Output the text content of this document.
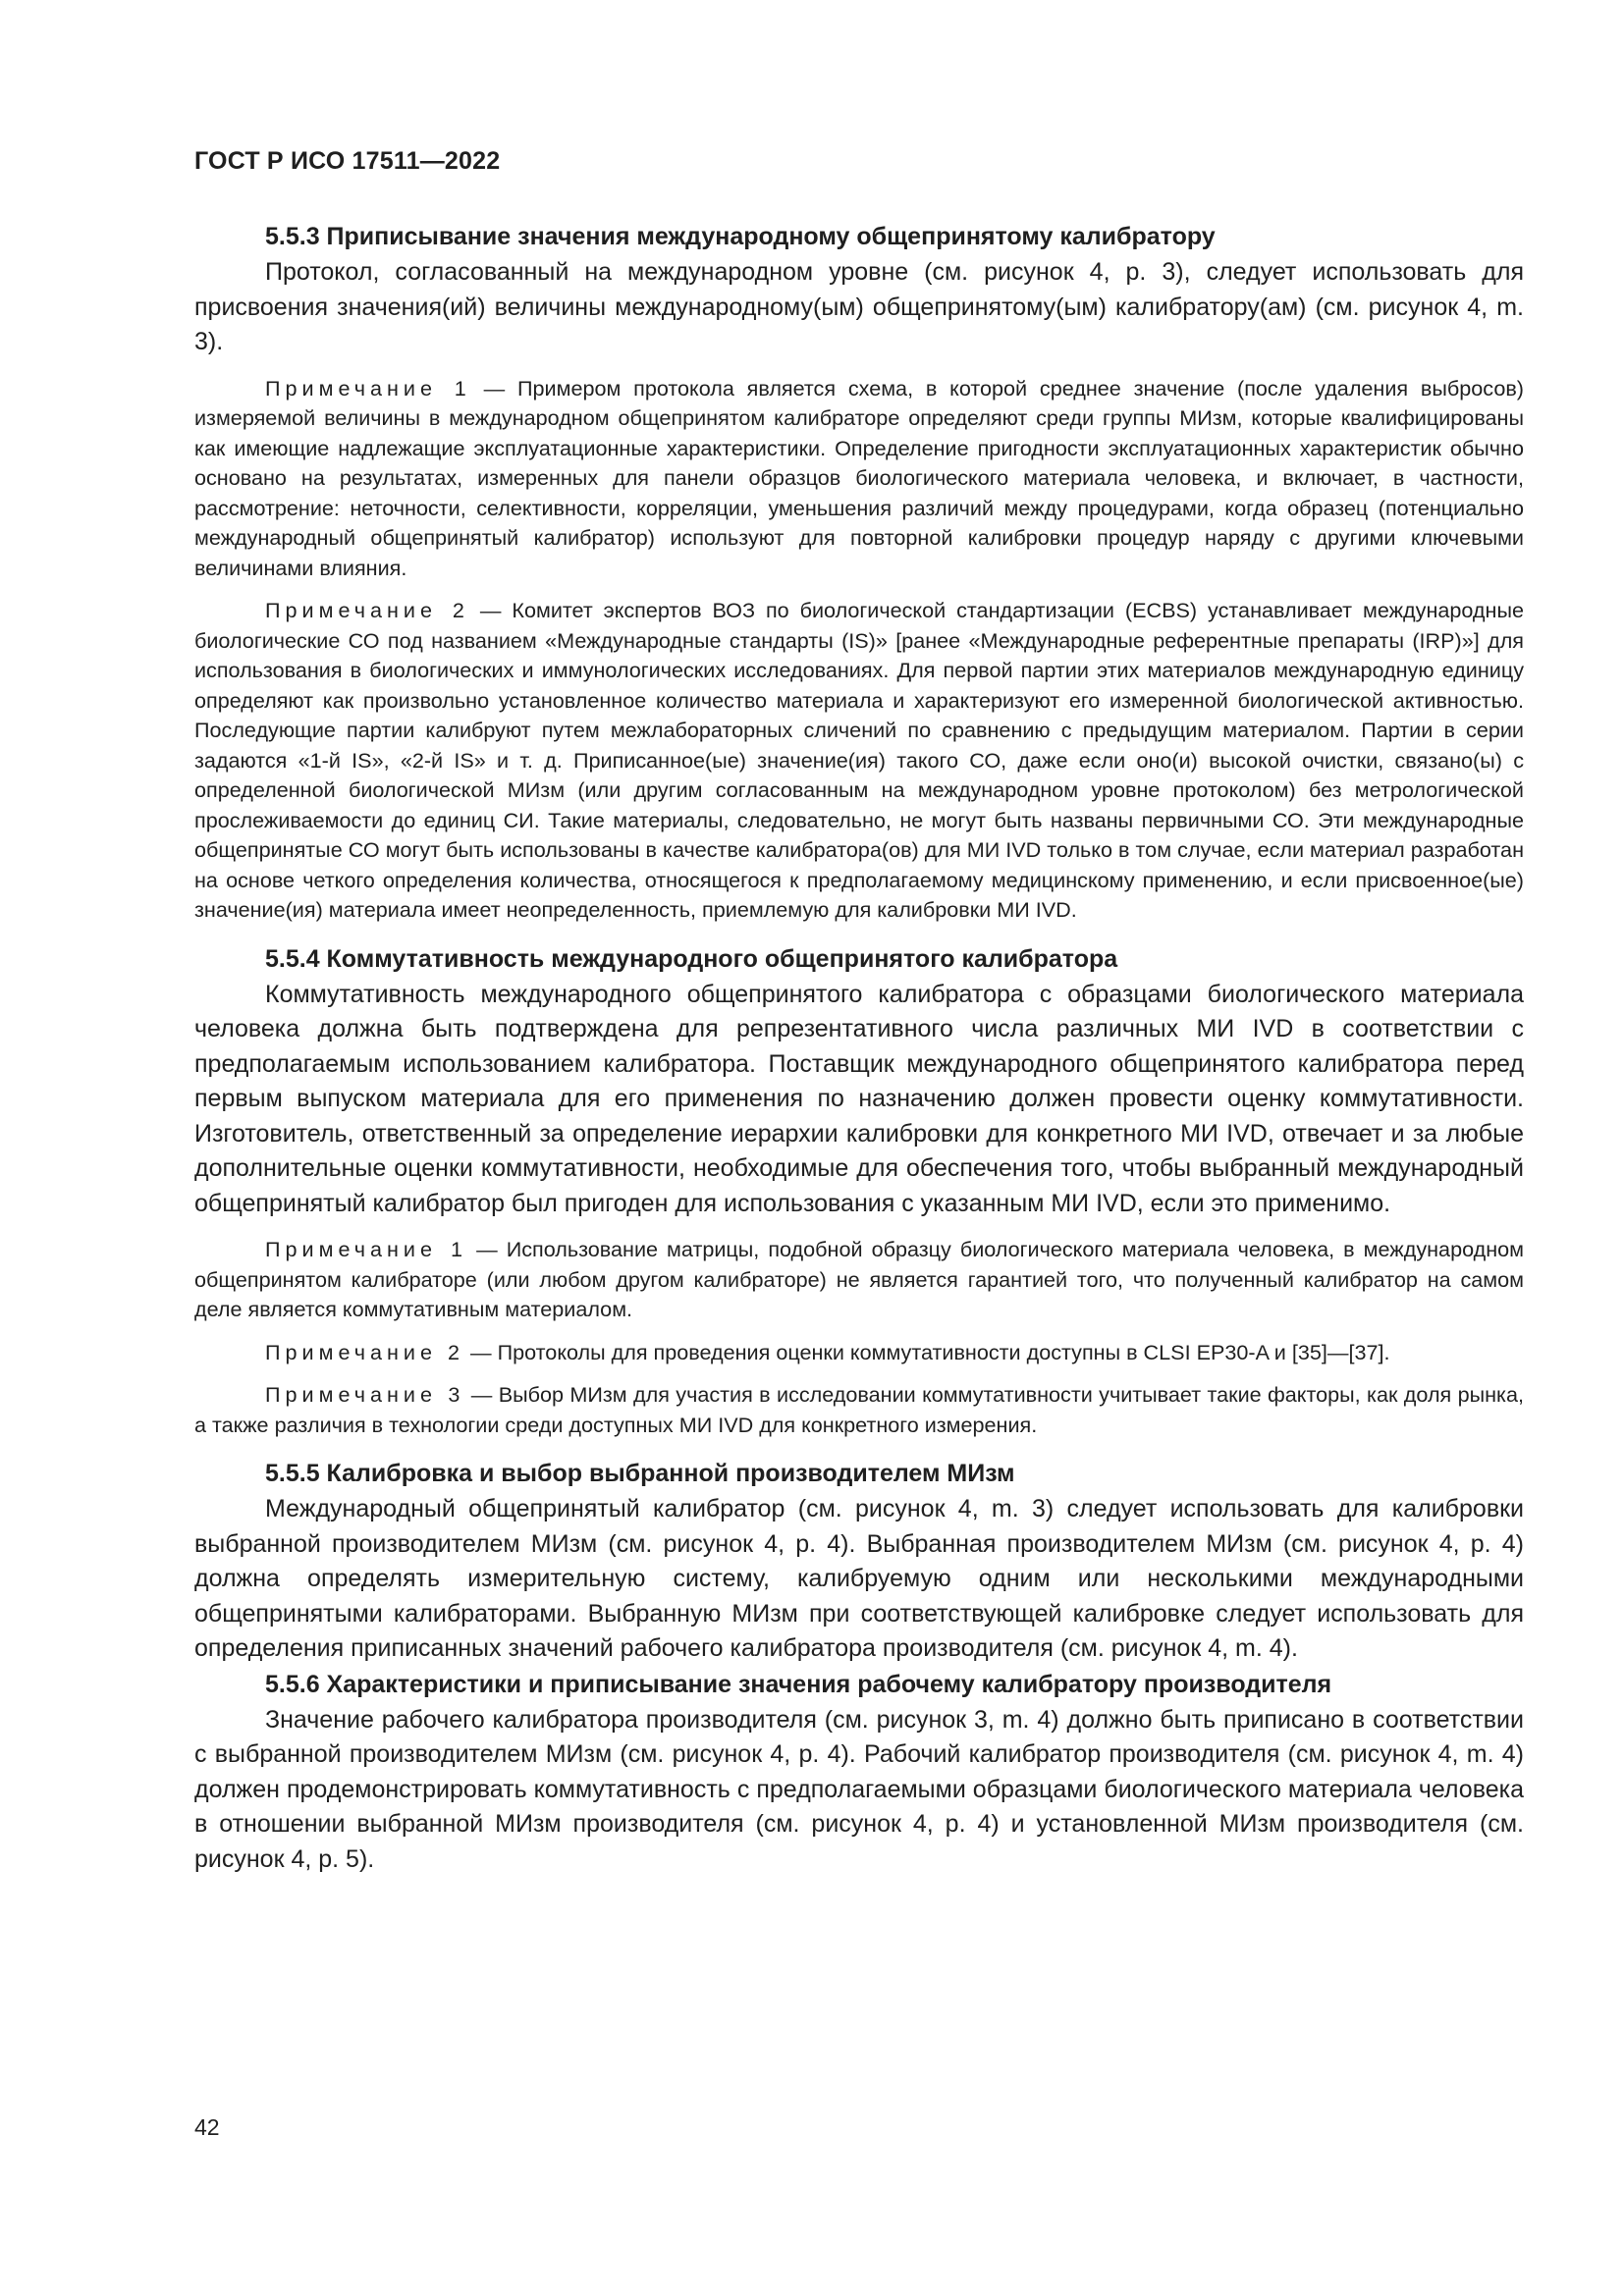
ГОСТ Р ИСО 17511—2022

5.5.3 Приписывание значения международному общепринятому калибратору

Протокол, согласованный на международном уровне (см. рисунок 4, р. 3), следует использовать для присвоения значения(ий) величины международному(ым) общепринятому(ым) калибратору(ам) (см. рисунок 4, m. 3).

Примечание 1 — Примером протокола является схема, в которой среднее значение (после удаления выбросов) измеряемой величины в международном общепринятом калибраторе определяют среди группы МИзм, которые квалифицированы как имеющие надлежащие эксплуатационные характеристики. Определение пригодности эксплуатационных характеристик обычно основано на результатах, измеренных для панели образцов биологического материала человека, и включает, в частности, рассмотрение: неточности, селективности, корреляции, уменьшения различий между процедурами, когда образец (потенциально международный общепринятый калибратор) используют для повторной калибровки процедур наряду с другими ключевыми величинами влияния.

Примечание 2 — Комитет экспертов ВОЗ по биологической стандартизации (ECBS) устанавливает международные биологические СО под названием «Международные стандарты (IS)» [ранее «Международные референтные препараты (IRP)»] для использования в биологических и иммунологических исследованиях. Для первой партии этих материалов международную единицу определяют как произвольно установленное количество материала и характеризуют его измеренной биологической активностью. Последующие партии калибруют путем межлабораторных сличений по сравнению с предыдущим материалом. Партии в серии задаются «1-й IS», «2-й IS» и т. д. Приписанное(ые) значение(ия) такого СО, даже если оно(и) высокой очистки, связано(ы) с определенной биологической МИзм (или другим согласованным на международном уровне протоколом) без метрологической прослеживаемости до единиц СИ. Такие материалы, следовательно, не могут быть названы первичными СО. Эти международные общепринятые СО могут быть использованы в качестве калибратора(ов) для МИ IVD только в том случае, если материал разработан на основе четкого определения количества, относящегося к предполагаемому медицинскому применению, и если присвоенное(ые) значение(ия) материала имеет неопределенность, приемлемую для калибровки МИ IVD.

5.5.4 Коммутативность международного общепринятого калибратора

Коммутативность международного общепринятого калибратора с образцами биологического материала человека должна быть подтверждена для репрезентативного числа различных МИ IVD в соответствии с предполагаемым использованием калибратора. Поставщик международного общепринятого калибратора перед первым выпуском материала для его применения по назначению должен провести оценку коммутативности. Изготовитель, ответственный за определение иерархии калибровки для конкретного МИ IVD, отвечает и за любые дополнительные оценки коммутативности, необходимые для обеспечения того, чтобы выбранный международный общепринятый калибратор был пригоден для использования с указанным МИ IVD, если это применимо.

Примечание 1 — Использование матрицы, подобной образцу биологического материала человека, в международном общепринятом калибраторе (или любом другом калибраторе) не является гарантией того, что полученный калибратор на самом деле является коммутативным материалом.

Примечание 2 — Протоколы для проведения оценки коммутативности доступны в CLSI EP30-A и [35]—[37].

Примечание 3 — Выбор МИзм для участия в исследовании коммутативности учитывает такие факторы, как доля рынка, а также различия в технологии среди доступных МИ IVD для конкретного измерения.

5.5.5 Калибровка и выбор выбранной производителем МИзм

Международный общепринятый калибратор (см. рисунок 4, m. 3) следует использовать для калибровки выбранной производителем МИзм (см. рисунок 4, р. 4). Выбранная производителем МИзм (см. рисунок 4, р. 4) должна определять измерительную систему, калибруемую одним или несколькими международными общепринятыми калибраторами. Выбранную МИзм при соответствующей калибровке следует использовать для определения приписанных значений рабочего калибратора производителя (см. рисунок 4, m. 4).

5.5.6 Характеристики и приписывание значения рабочему калибратору производителя

Значение рабочего калибратора производителя (см. рисунок 3, m. 4) должно быть приписано в соответствии с выбранной производителем МИзм (см. рисунок 4, р. 4). Рабочий калибратор производителя (см. рисунок 4, m. 4) должен продемонстрировать коммутативность с предполагаемыми образцами биологического материала человека в отношении выбранной МИзм производителя (см. рисунок 4, р. 4) и установленной МИзм производителя (см. рисунок 4, р. 5).

42
